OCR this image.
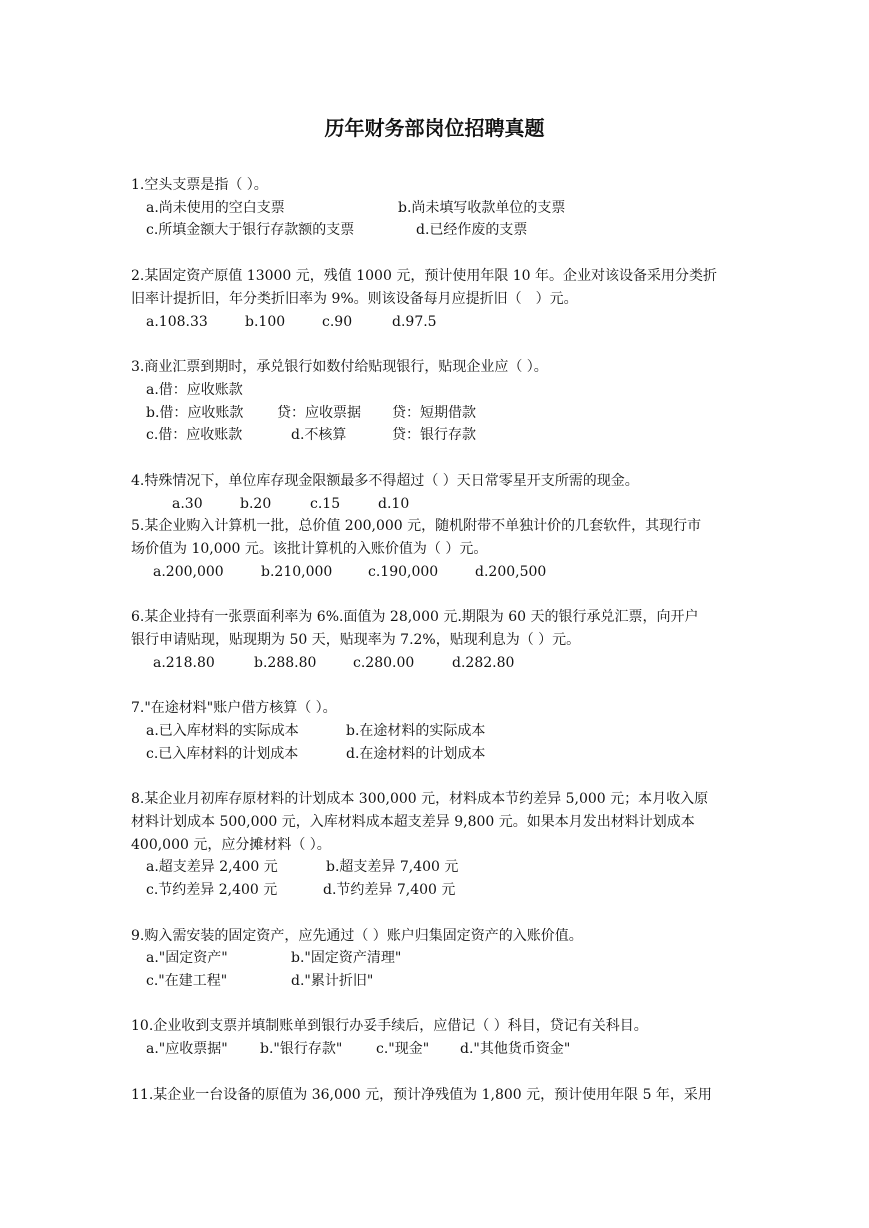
历年财务部岗位招聘真题
1.空头支票是指（ ）。
a.尚未使用的空白支票	b.尚未填写收款单位的支票
c.所填金额大于银行存款额的支票	d.已经作废的支票
2.某固定资产原值 13000 元，残值 1000 元，预计使用年限 10 年。企业对该设备采用分类折
旧率计提折旧，年分类折旧率为 9%。则该设备每月应提折旧（　）元。
a.108.33	b.100	c.90	d.97.5
3.商业汇票到期时，承兑银行如数付给贴现银行，贴现企业应（ ）。
a.借：应收账款
b.借：应收账款 贷：应收票据 贷：短期借款
c.借：应收账款	d.不核算	贷：银行存款
4.特殊情况下，单位库存现金限额最多不得超过（ ）天日常零星开支所需的现金。
a.30	b.20	c.15	d.10
5.某企业购入计算机一批，总价值 200,000 元，随机附带不单独计价的几套软件，其现行市
场价值为 10,000 元。该批计算机的入账价值为（ ）元。
a.200,000	b.210,000	c.190,000	d.200,500
6.某企业持有一张票面利率为 6%.面值为 28,000 元.期限为 60 天的银行承兑汇票，向开户
银行申请贴现，贴现期为 50 天，贴现率为 7.2%，贴现利息为（ ）元。
a.218.80	b.288.80	c.280.00	d.282.80
7."在途材料"账户借方核算（ ）。
a.已入库材料的实际成本	b.在途材料的实际成本
c.已入库材料的计划成本	d.在途材料的计划成本
8.某企业月初库存原材料的计划成本 300,000 元，材料成本节约差异 5,000 元；本月收入原
材料计划成本 500,000 元，入库材料成本超支差异 9,800 元。如果本月发出材料计划成本
400,000 元，应分摊材料（ ）。
a.超支差异 2,400 元	b.超支差异 7,400 元
c.节约差异 2,400 元	d.节约差异 7,400 元
9.购入需安装的固定资产，应先通过（ ）账户归集固定资产的入账价值。
a."固定资产"	b."固定资产清理"
c."在建工程"	d."累计折旧"
10.企业收到支票并填制账单到银行办妥手续后，应借记（ ）科目，贷记有关科目。
a."应收票据" b."银行存款" c."现金" d."其他货币资金"
11.某企业一台设备的原值为 36,000 元，预计净残值为 1,800 元，预计使用年限 5 年，采用
